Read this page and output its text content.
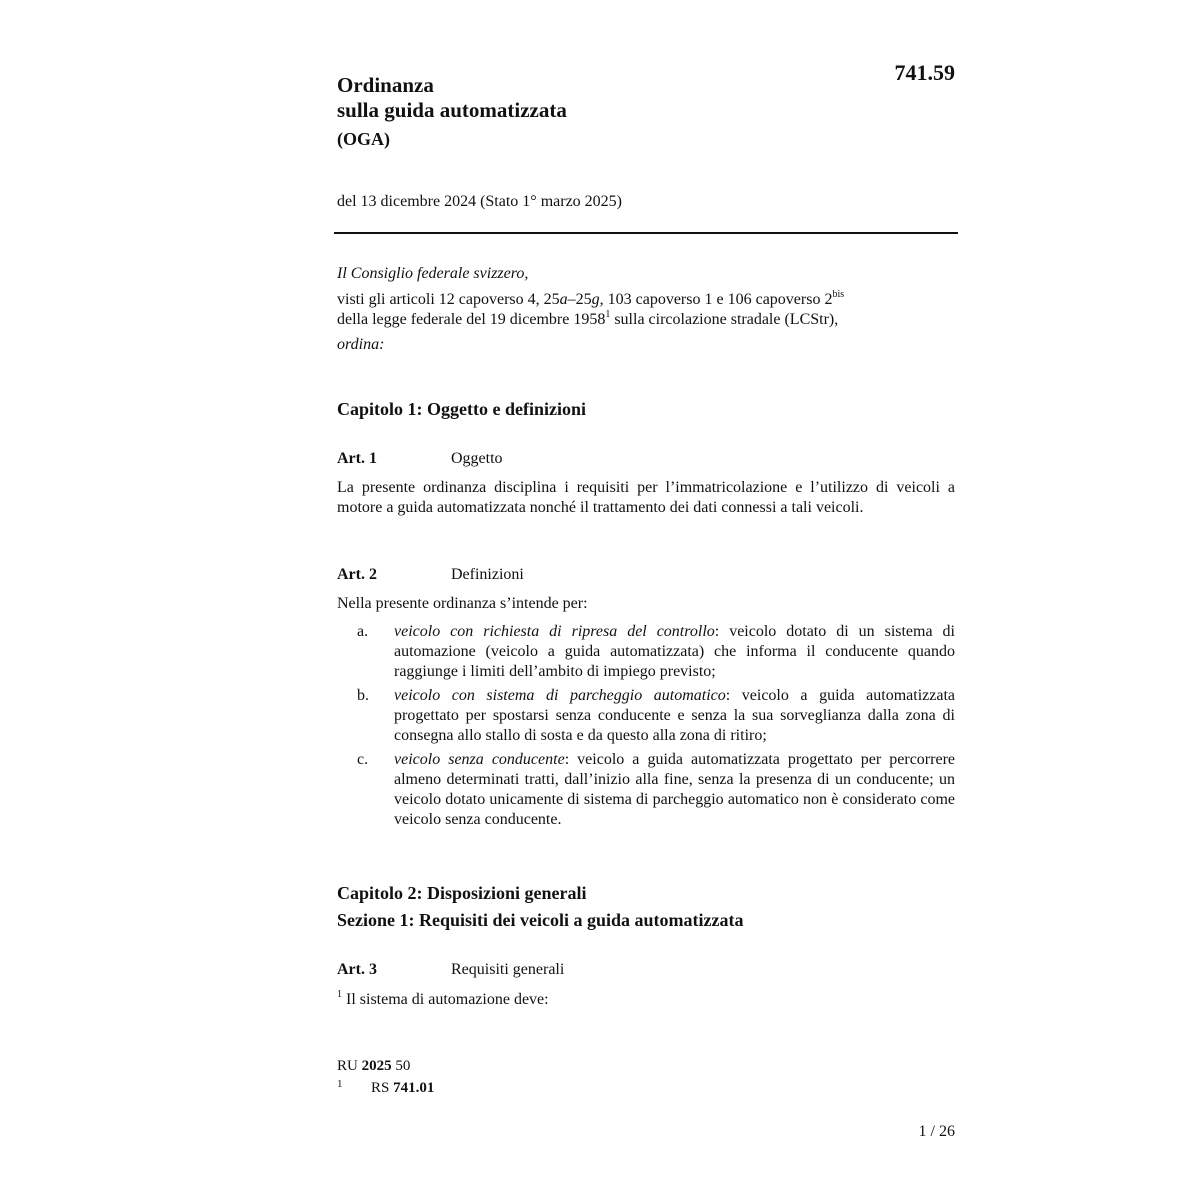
741.59
Ordinanza
sulla guida automatizzata
(OGA)
del 13 dicembre 2024 (Stato 1° marzo 2025)
Il Consiglio federale svizzero,
visti gli articoli 12 capoverso 4, 25a–25g, 103 capoverso 1 e 106 capoverso $2^{bis}$
della legge federale del 19 dicembre 1958$^1$ sulla circolazione stradale (LCStr),
ordina:
Capitolo 1: Oggetto e definizioni
Art. 1	Oggetto
La presente ordinanza disciplina i requisiti per l’immatricolazione e l’utilizzo di veicoli a motore a guida automatizzata nonché il trattamento dei dati connessi a tali veicoli.
Art. 2	Definizioni
Nella presente ordinanza s’intende per:
a.	veicolo con richiesta di ripresa del controllo: veicolo dotato di un sistema di automazione (veicolo a guida automatizzata) che informa il conducente quando raggiunge i limiti dell’ambito di impiego previsto;
b.	veicolo con sistema di parcheggio automatico: veicolo a guida automatizzata progettato per spostarsi senza conducente e senza la sua sorveglianza dalla zona di consegna allo stallo di sosta e da questo alla zona di ritiro;
c.	veicolo senza conducente: veicolo a guida automatizzata progettato per percorrere almeno determinati tratti, dall’inizio alla fine, senza la presenza di un conducente; un veicolo dotato unicamente di sistema di parcheggio automatico non è considerato come veicolo senza conducente.
Capitolo 2: Disposizioni generali
Sezione 1: Requisiti dei veicoli a guida automatizzata
Art. 3	Requisiti generali
$^1$ Il sistema di automazione deve:
RU 2025 50
1 RS 741.01
1 / 26
